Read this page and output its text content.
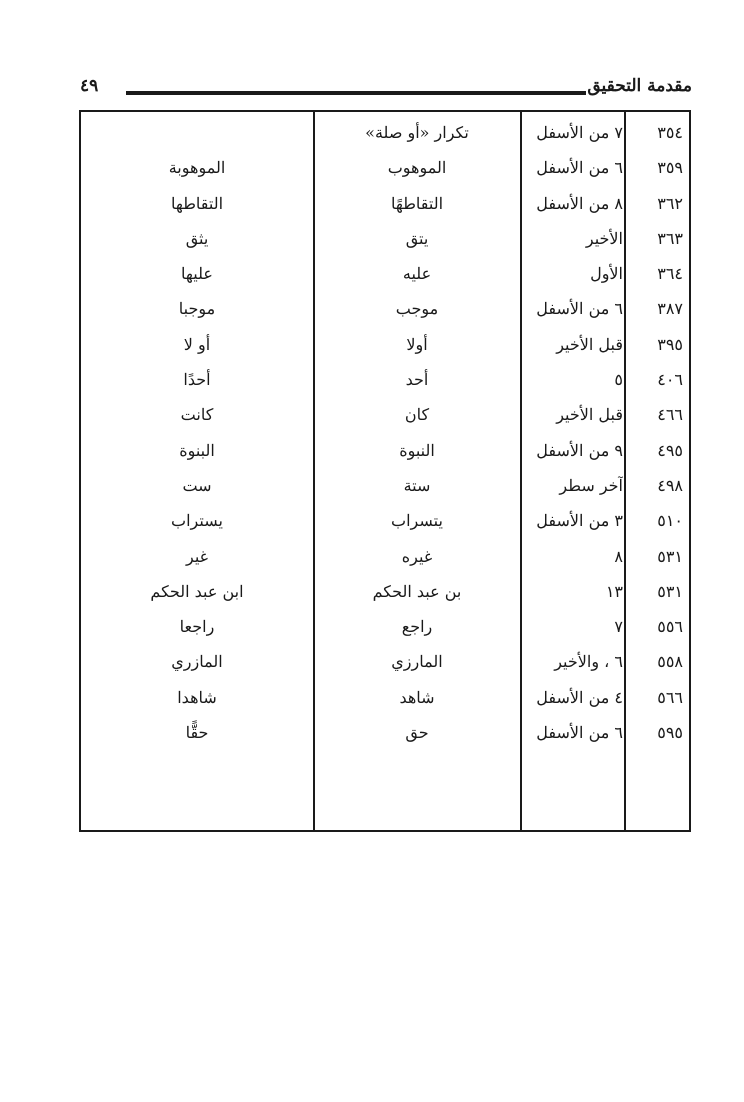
مقدمة التحقيق
٤٩
٣٥٤
٧ من الأسفل
تكرار «أو صلة»
٣٥٩
٦ من الأسفل
الموهوب
الموهوبة
٣٦٢
٨ من الأسفل
التقاطهًا
التقاطها
٣٦٣
الأخير
يتق
يثق
٣٦٤
الأول
عليه
عليها
٣٨٧
٦ من الأسفل
موجب
موجبا
٣٩٥
قبل الأخير
أولا
أو لا
٤٠٦
٥
أحد
أحدًا
٤٦٦
قبل الأخير
كان
كانت
٤٩٥
٩ من الأسفل
النبوة
البنوة
٤٩٨
آخر سطر
ستة
ست
٥١٠
٣ من الأسفل
يتسراب
يستراب
٥٣١
٨
غيره
غير
٥٣١
١٣
بن عبد الحكم
ابن عبد الحكم
٥٥٦
٧
راجع
راجعا
٥٥٨
٦ ، والأخير
المارزي
المازري
٥٦٦
٤ من الأسفل
شاهد
شاهدا
٥٩٥
٦ من الأسفل
حق
حقًّا
